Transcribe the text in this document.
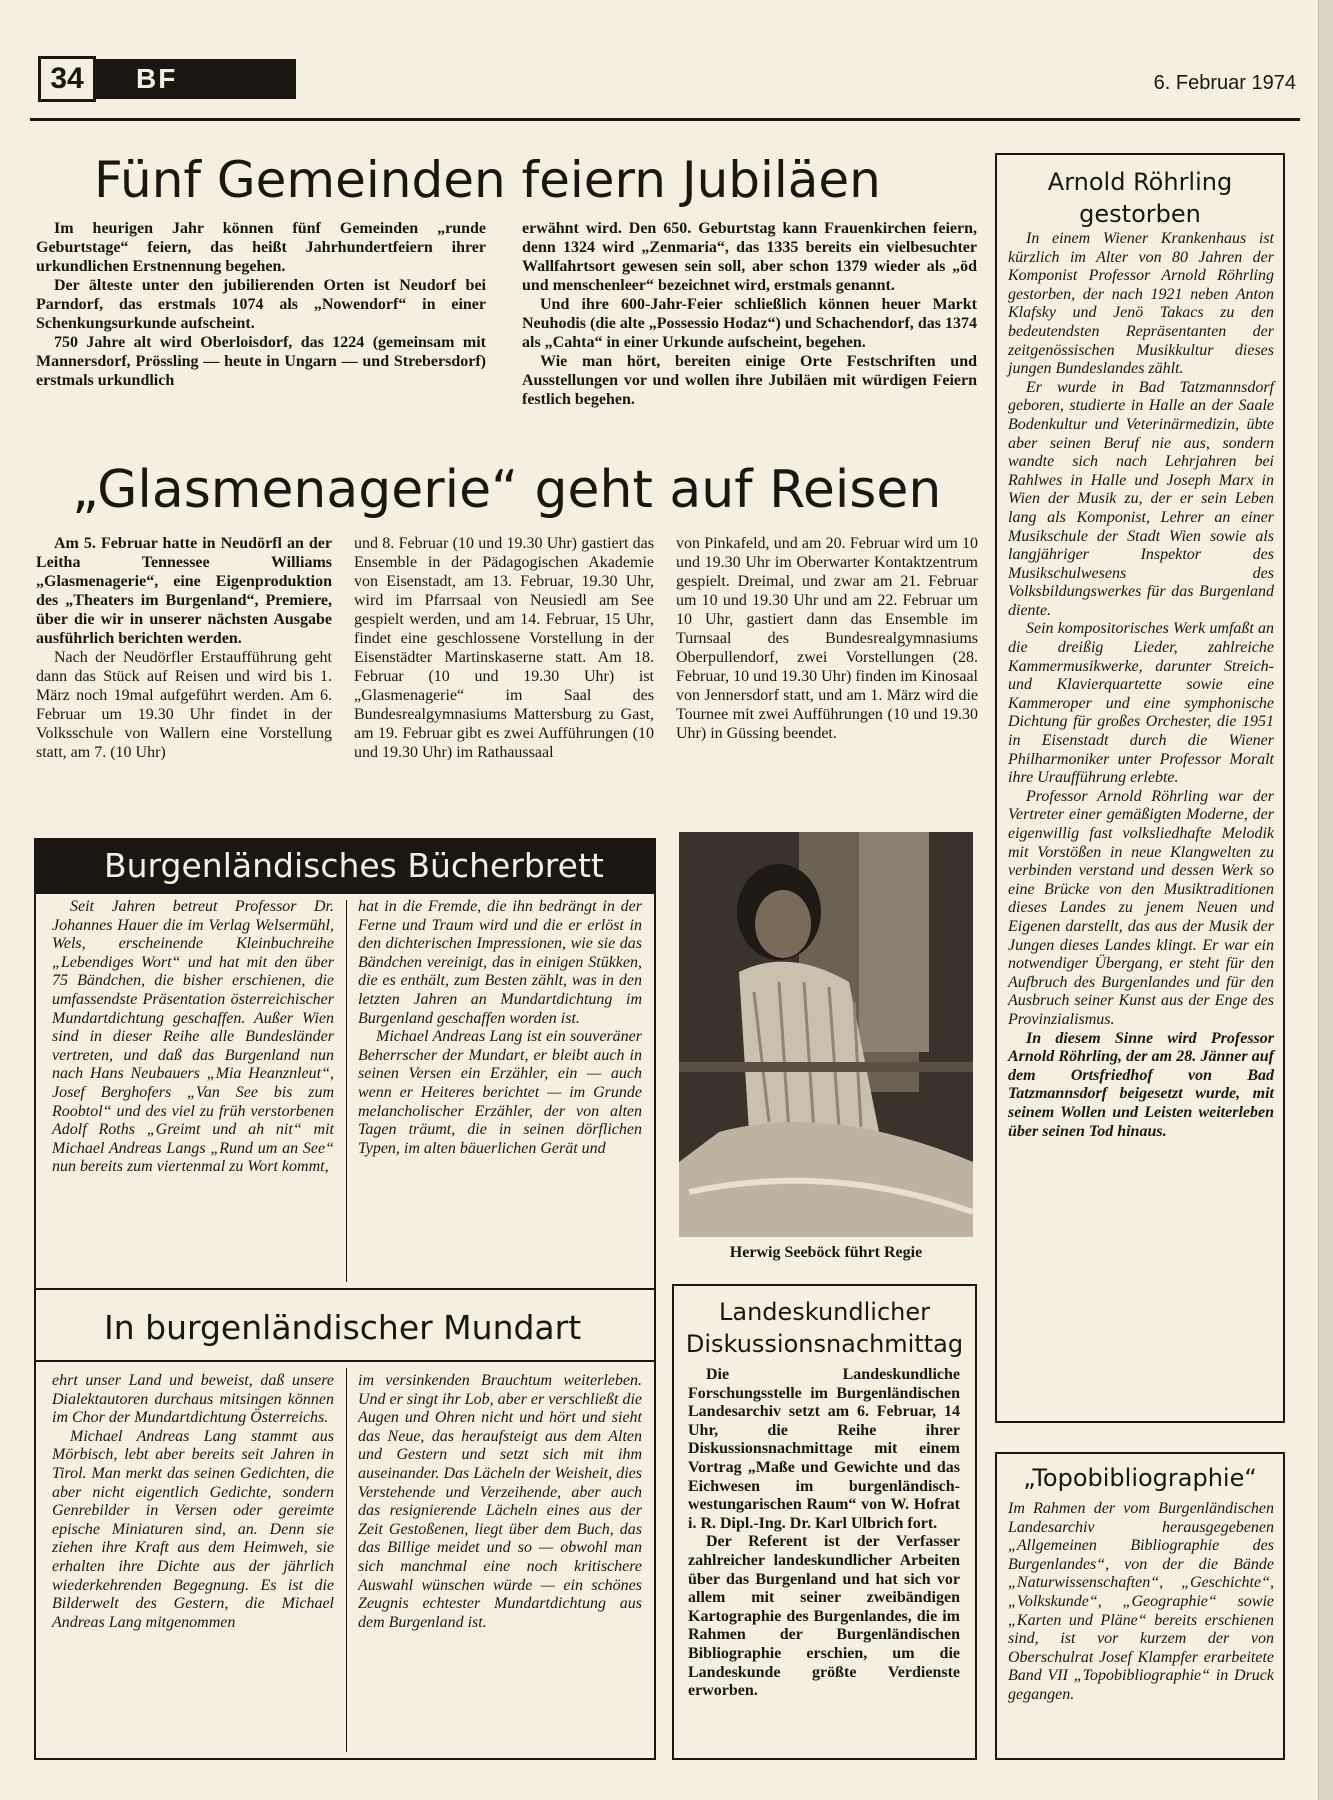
34	BF	6. Februar 1974
Fünf Gemeinden feiern Jubiläen

Im heurigen Jahr können fünf Gemeinden „runde Geburtstage“ feiern, das heißt Jahrhundertfeiern ihrer urkundlichen Erstnennung begehen.

Der älteste unter den jubilierenden Orten ist Neudorf bei Parndorf, das erstmals 1074 als „Nowendorf“ in einer Schenkungsurkunde aufscheint.

750 Jahre alt wird Oberloisdorf, das 1224 (gemeinsam mit Mannersdorf, Prössling — heute in Ungarn — und Strebersdorf) erstmals urkundlich

erwähnt wird. Den 650. Geburtstag kann Frauenkirchen feiern, denn 1324 wird „Zenmaria“, das 1335 bereits ein vielbesuchter Wallfahrtsort gewesen sein soll, aber schon 1379 wieder als „öd und menschenleer“ bezeichnet wird, erstmals genannt.

Und ihre 600-Jahr-Feier schließlich können heuer Markt Neuhodis (die alte „Possessio Hodaz“) und Schachendorf, das 1374 als „Cahta“ in einer Urkunde aufscheint, begehen.

Wie man hört, bereiten einige Orte Festschriften und Ausstellungen vor und wollen ihre Jubiläen mit würdigen Feiern festlich begehen.

„Glasmenagerie“ geht auf Reisen

Am 5. Februar hatte in Neudörfl an der Leitha Tennessee Williams „Glasmenagerie“, eine Eigenproduktion des „Theaters im Burgenland“, Premiere, über die wir in unserer nächsten Ausgabe ausführlich berichten werden.

Nach der Neudörfler Erstaufführung geht dann das Stück auf Reisen und wird bis 1. März noch 19mal aufgeführt werden. Am 6. Februar um 19.30 Uhr findet in der Volksschule von Wallern eine Vorstellung statt, am 7. (10 Uhr)

und 8. Februar (10 und 19.30 Uhr) gastiert das Ensemble in der Pädagogischen Akademie von Eisenstadt, am 13. Februar, 19.30 Uhr, wird im Pfarrsaal von Neusiedl am See gespielt werden, und am 14. Februar, 15 Uhr, findet eine geschlossene Vorstellung in der Eisenstädter Martinskaserne statt. Am 18. Februar (10 und 19.30 Uhr) ist „Glasmenagerie“ im Saal des Bundesrealgymnasiums Mattersburg zu Gast, am 19. Februar gibt es zwei Aufführungen (10 und 19.30 Uhr) im Rathaussaal

von Pinkafeld, und am 20. Februar wird um 10 und 19.30 Uhr im Oberwarter Kontaktzentrum gespielt. Dreimal, und zwar am 21. Februar um 10 und 19.30 Uhr und am 22. Februar um 10 Uhr, gastiert dann das Ensemble im Turnsaal des Bundesrealgymnasiums Oberpullendorf, zwei Vorstellungen (28. Februar, 10 und 19.30 Uhr) finden im Kinosaal von Jennersdorf statt, und am 1. März wird die Tournee mit zwei Aufführungen (10 und 19.30 Uhr) in Güssing beendet.

Burgenländisches Bücherbrett

Seit Jahren betreut Professor Dr. Johannes Hauer die im Verlag Welsermühl, Wels, erscheinende Kleinbuchreihe „Lebendiges Wort“ und hat mit den über 75 Bändchen, die bisher erschienen, die umfassendste Präsentation österreichischer Mundartdichtung geschaffen. Außer Wien sind in dieser Reihe alle Bundesländer vertreten, und daß das Burgenland nun nach Hans Neubauers „Mia Heanznleut“, Josef Berghofers „Van See bis zum Roobtol“ und des viel zu früh verstorbenen Adolf Roths „Greimt und ah nit“ mit Michael Andreas Langs „Rund um an See“ nun bereits zum viertenmal zu Wort kommt,

hat in die Fremde, die ihn bedrängt in der Ferne und Traum wird und die er erlöst in den dichterischen Impressionen, wie sie das Bändchen vereinigt, das in einigen Stükken, die es enthält, zum Besten zählt, was in den letzten Jahren an Mundartdichtung im Burgenland geschaffen worden ist.

Michael Andreas Lang ist ein souveräner Beherrscher der Mundart, er bleibt auch in seinen Versen ein Erzähler, ein — auch wenn er Heiteres berichtet — im Grunde melancholischer Erzähler, der von alten Tagen träumt, die in seinen dörflichen Typen, im alten bäuerlichen Gerät und

In burgenländischer Mundart

ehrt unser Land und beweist, daß unsere Dialektautoren durchaus mitsingen können im Chor der Mundartdichtung Österreichs.

Michael Andreas Lang stammt aus Mörbisch, lebt aber bereits seit Jahren in Tirol. Man merkt das seinen Gedichten, die aber nicht eigentlich Gedichte, sondern Genrebilder in Versen oder gereimte epische Miniaturen sind, an. Denn sie ziehen ihre Kraft aus dem Heimweh, sie erhalten ihre Dichte aus der jährlich wiederkehrenden Begegnung. Es ist die Bilderwelt des Gestern, die Michael Andreas Lang mitgenommen

im versinkenden Brauchtum weiterleben. Und er singt ihr Lob, aber er verschließt die Augen und Ohren nicht und hört und sieht das Neue, das heraufsteigt aus dem Alten und Gestern und setzt sich mit ihm auseinander. Das Lächeln der Weisheit, dies Verstehende und Verzeihende, aber auch das resignierende Lächeln eines aus der Zeit Gestoßenen, liegt über dem Buch, das das Billige meidet und so — obwohl man sich manchmal eine noch kritischere Auswahl wünschen würde — ein schönes Zeugnis echtester Mundartdichtung aus dem Burgenland ist.

Herwig Seeböck führt Regie
Landeskundlicher
Diskussionsnachmittag

Die Landeskundliche Forschungsstelle im Burgenländischen Landesarchiv setzt am 6. Februar, 14 Uhr, die Reihe ihrer Diskussionsnachmittage mit einem Vortrag „Maße und Gewichte und das Eichwesen im burgenländisch-westungarischen Raum“ von W. Hofrat i. R. Dipl.-Ing. Dr. Karl Ulbrich fort.

Der Referent ist der Verfasser zahlreicher landeskundlicher Arbeiten über das Burgenland und hat sich vor allem mit seiner zweibändigen Kartographie des Burgenlandes, die im Rahmen der Burgenländischen Bibliographie erschien, um die Landeskunde größte Verdienste erworben.

Arnold Röhrling
gestorben

In einem Wiener Krankenhaus ist kürzlich im Alter von 80 Jahren der Komponist Professor Arnold Röhrling gestorben, der nach 1921 neben Anton Klafsky und Jenö Takacs zu den bedeutendsten Repräsentanten der zeitgenössischen Musikkultur dieses jungen Bundeslandes zählt.

Er wurde in Bad Tatzmannsdorf geboren, studierte in Halle an der Saale Bodenkultur und Veterinärmedizin, übte aber seinen Beruf nie aus, sondern wandte sich nach Lehrjahren bei Rahlwes in Halle und Joseph Marx in Wien der Musik zu, der er sein Leben lang als Komponist, Lehrer an einer Musikschule der Stadt Wien sowie als langjähriger Inspektor des Musikschulwesens des Volksbildungswerkes für das Burgenland diente.

Sein kompositorisches Werk umfaßt an die dreißig Lieder, zahlreiche Kammermusikwerke, darunter Streich- und Klavierquartette sowie eine Kammeroper und eine symphonische Dichtung für großes Orchester, die 1951 in Eisenstadt durch die Wiener Philharmoniker unter Professor Moralt ihre Uraufführung erlebte.

Professor Arnold Röhrling war der Vertreter einer gemäßigten Moderne, der eigenwillig fast volksliedhafte Melodik mit Vorstößen in neue Klangwelten zu verbinden verstand und dessen Werk so eine Brücke von den Musiktraditionen dieses Landes zu jenem Neuen und Eigenen darstellt, das aus der Musik der Jungen dieses Landes klingt. Er war ein notwendiger Übergang, er steht für den Aufbruch des Burgenlandes und für den Ausbruch seiner Kunst aus der Enge des Provinzialismus.

In diesem Sinne wird Professor Arnold Röhrling, der am 28. Jänner auf dem Ortsfriedhof von Bad Tatzmannsdorf beigesetzt wurde, mit seinem Wollen und Leisten weiterleben über seinen Tod hinaus.

„Topobibliographie“

Im Rahmen der vom Burgenländischen Landesarchiv herausgegebenen „Allgemeinen Bibliographie des Burgenlandes“, von der die Bände „Naturwissenschaften“, „Geschichte“, „Volkskunde“, „Geographie“ sowie „Karten und Pläne“ bereits erschienen sind, ist vor kurzem der von Oberschulrat Josef Klampfer erarbeitete Band VII „Topobibliographie“ in Druck gegangen.
